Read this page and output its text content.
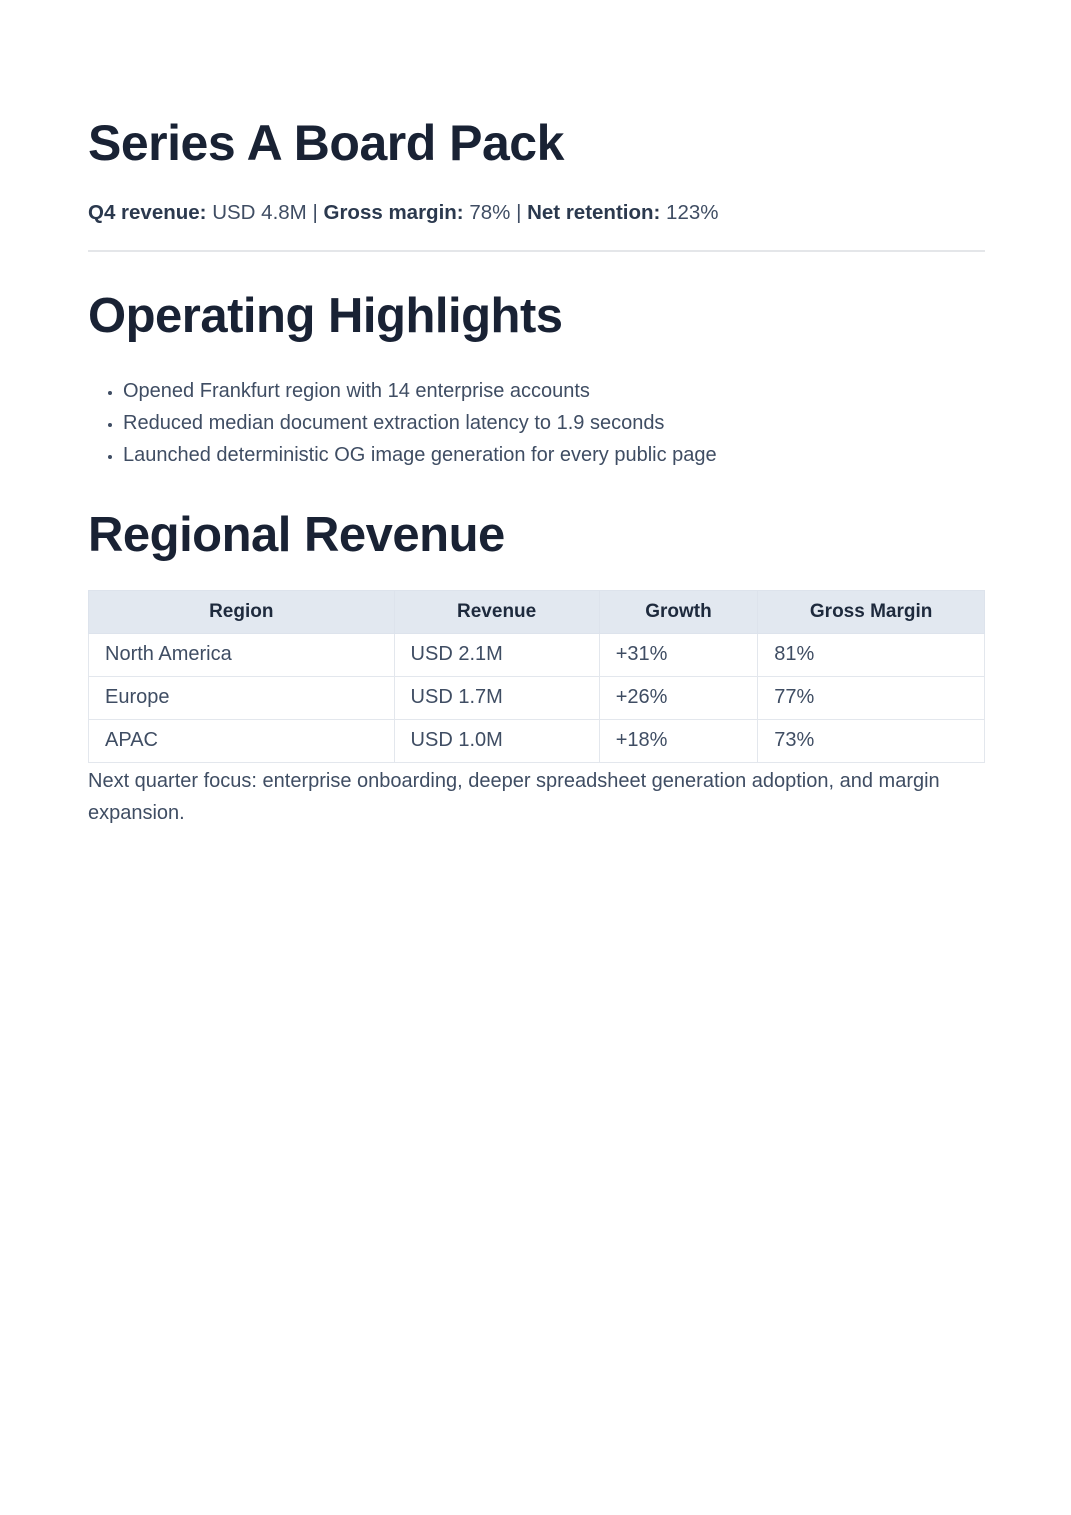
Series A Board Pack

Q4 revenue: USD 4.8M | Gross margin: 78% | Net retention: 123%

Operating Highlights
• Opened Frankfurt region with 14 enterprise accounts
• Reduced median document extraction latency to 1.9 seconds
• Launched deterministic OG image generation for every public page
Regional Revenue
Region	Revenue	Growth	Gross Margin
North America	USD 2.1M	+31%	81%
Europe	USD 1.7M	+26%	77%
APAC	USD 1.0M	+18%	73%

Next quarter focus: enterprise onboarding, deeper spreadsheet generation adoption, and margin expansion.
